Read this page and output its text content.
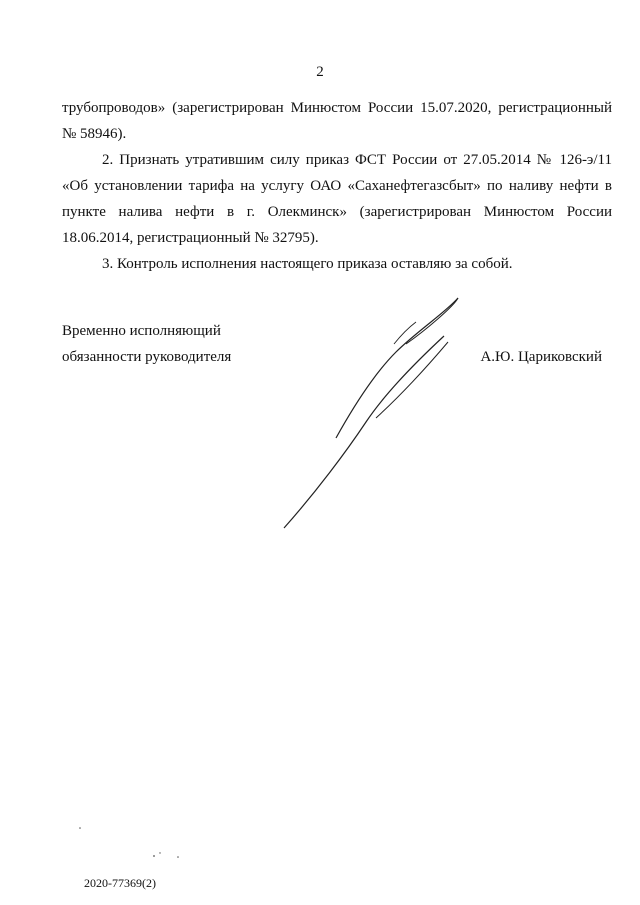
2

трубопроводов» (зарегистрирован Минюстом России 15.07.2020, регистрационный № 58946).

2. Признать утратившим силу приказ ФСТ России от 27.05.2014 № 126-э/11 «Об установлении тарифа на услугу ОАО «Саханефтегазсбыт» по наливу нефти в пункте налива нефти в г. Олекминск» (зарегистрирован Минюстом России 18.06.2014, регистрационный № 32795).

3. Контроль исполнения настоящего приказа оставляю за собой.

Временно исполняющий
обязанности руководителя	А.Ю. Цариковский
2020-77369(2)
